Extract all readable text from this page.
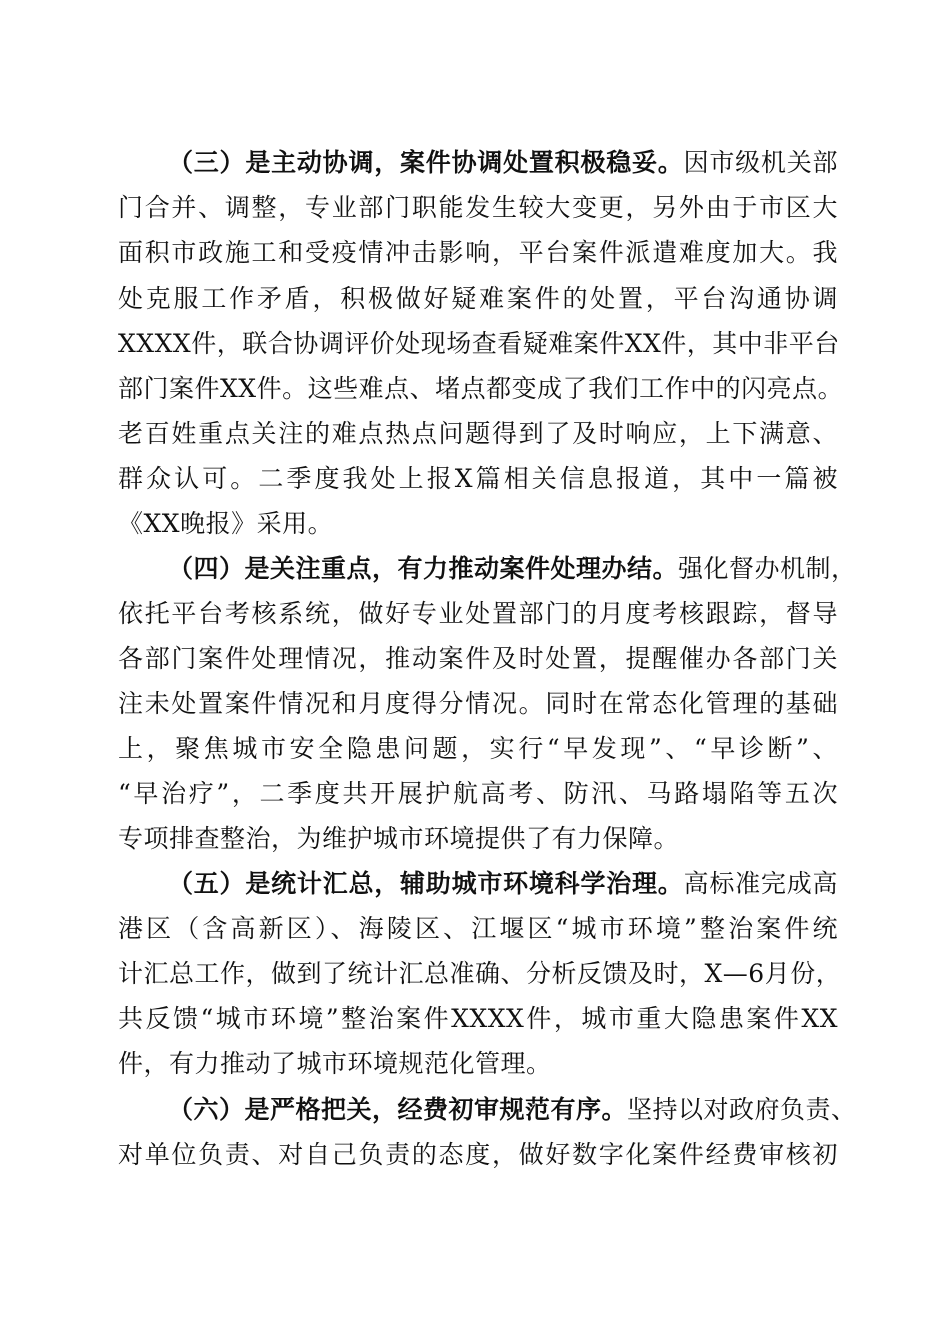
（三）是主动协调，案件协调处置积极稳妥。因市级机关部
门合并、调整，专业部门职能发生较大变更，另外由于市区大
面积市政施工和受疫情冲击影响，平台案件派遣难度加大。我
处克服工作矛盾，积极做好疑难案件的处置，平台沟通协调
XXXX件，联合协调评价处现场查看疑难案件XX件，其中非平台
部门案件XX件。这些难点、堵点都变成了我们工作中的闪亮点。
老百姓重点关注的难点热点问题得到了及时响应，上下满意、
群众认可。二季度我处上报X篇相关信息报道，其中一篇被
《XX晚报》采用。
（四）是关注重点，有力推动案件处理办结。强化督办机制，
依托平台考核系统，做好专业处置部门的月度考核跟踪，督导
各部门案件处理情况，推动案件及时处置，提醒催办各部门关
注未处置案件情况和月度得分情况。同时在常态化管理的基础
上，聚焦城市安全隐患问题，实行“早发现”、“早诊断”、
“早治疗”，二季度共开展护航高考、防汛、马路塌陷等五次
专项排查整治，为维护城市环境提供了有力保障。
（五）是统计汇总，辅助城市环境科学治理。高标准完成高
港区（含高新区）、海陵区、江堰区“城市环境”整治案件统
计汇总工作，做到了统计汇总准确、分析反馈及时，X—6月份，
共反馈“城市环境”整治案件XXXX件，城市重大隐患案件XX
件，有力推动了城市环境规范化管理。
（六）是严格把关，经费初审规范有序。坚持以对政府负责、
对单位负责、对自己负责的态度，做好数字化案件经费审核初
